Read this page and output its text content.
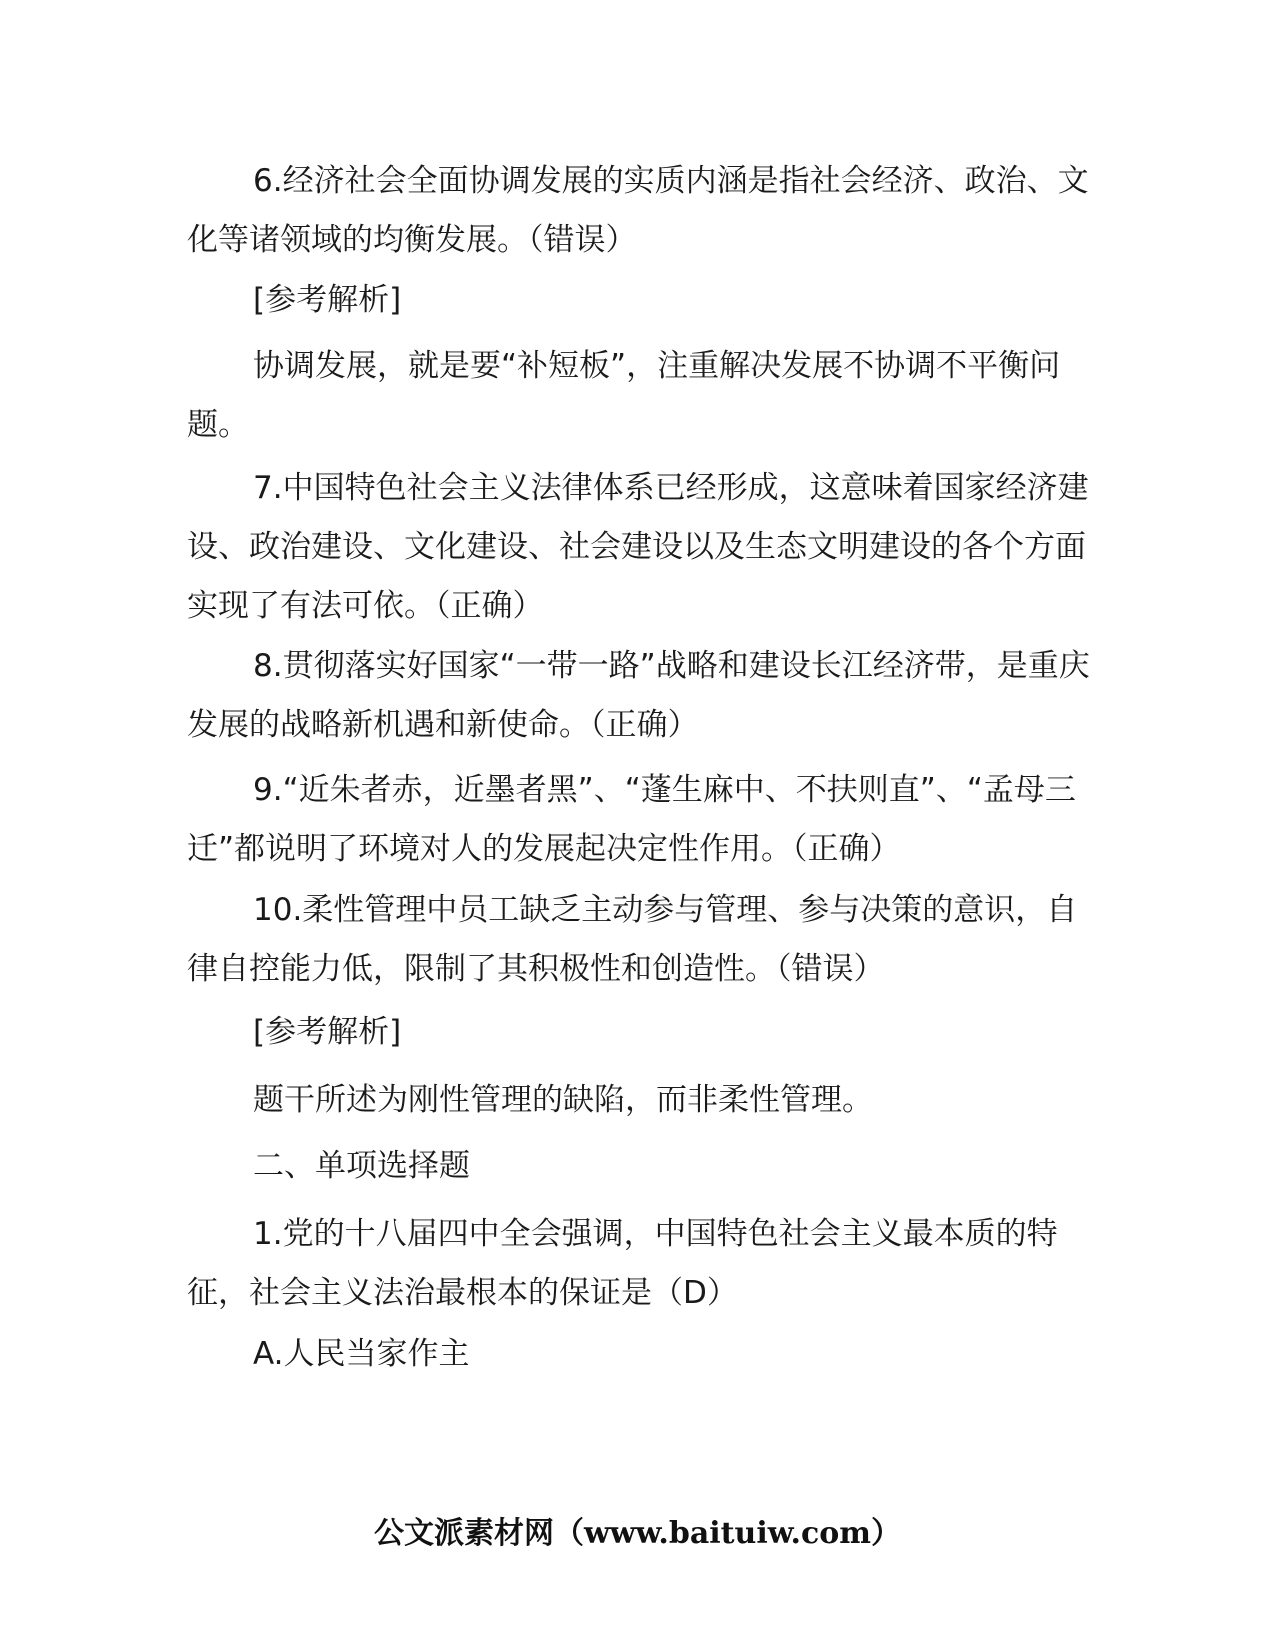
6.经济社会全面协调发展的实质内涵是指社会经济、政治、文化等诸领域的均衡发展。（错误）

[参考解析]

协调发展，就是要“补短板”，注重解决发展不协调不平衡问题。

7.中国特色社会主义法律体系已经形成，这意味着国家经济建设、政治建设、文化建设、社会建设以及生态文明建设的各个方面实现了有法可依。（正确）

8.贯彻落实好国家“一带一路”战略和建设长江经济带，是重庆发展的战略新机遇和新使命。（正确）

9.“近朱者赤，近墨者黑”、“蓬生麻中、不扶则直”、“孟母三迁”都说明了环境对人的发展起决定性作用。（正确）

10.柔性管理中员工缺乏主动参与管理、参与决策的意识，自律自控能力低，限制了其积极性和创造性。（错误）

[参考解析]

题干所述为刚性管理的缺陷，而非柔性管理。

二、单项选择题

1.党的十八届四中全会强调，中国特色社会主义最本质的特征，社会主义法治最根本的保证是（D）

A.人民当家作主

公文派素材网（www.baituiw.com）
